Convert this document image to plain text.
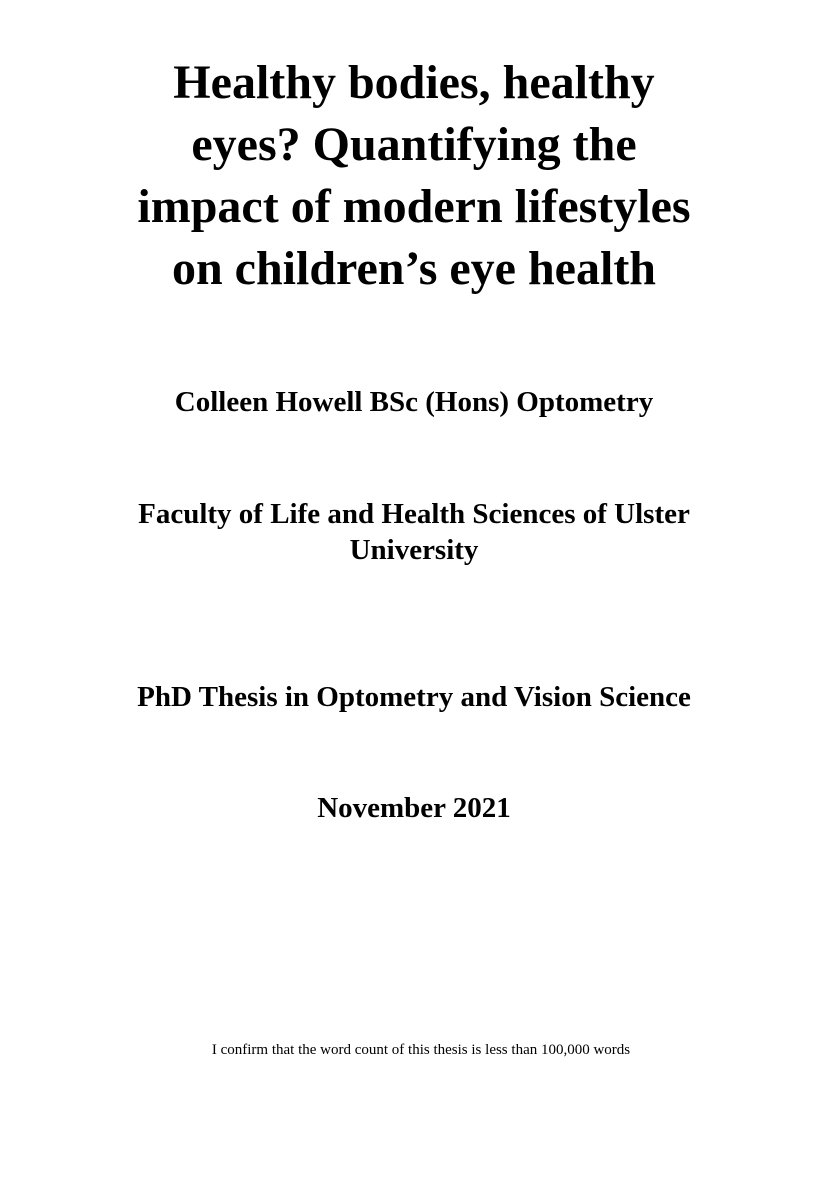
Healthy bodies, healthy
eyes? Quantifying the
impact of modern lifestyles
on children’s eye health

Colleen Howell BSc (Hons) Optometry

Faculty of Life and Health Sciences of Ulster
University

PhD Thesis in Optometry and Vision Science

November 2021

I confirm that the word count of this thesis is less than 100,000 words
